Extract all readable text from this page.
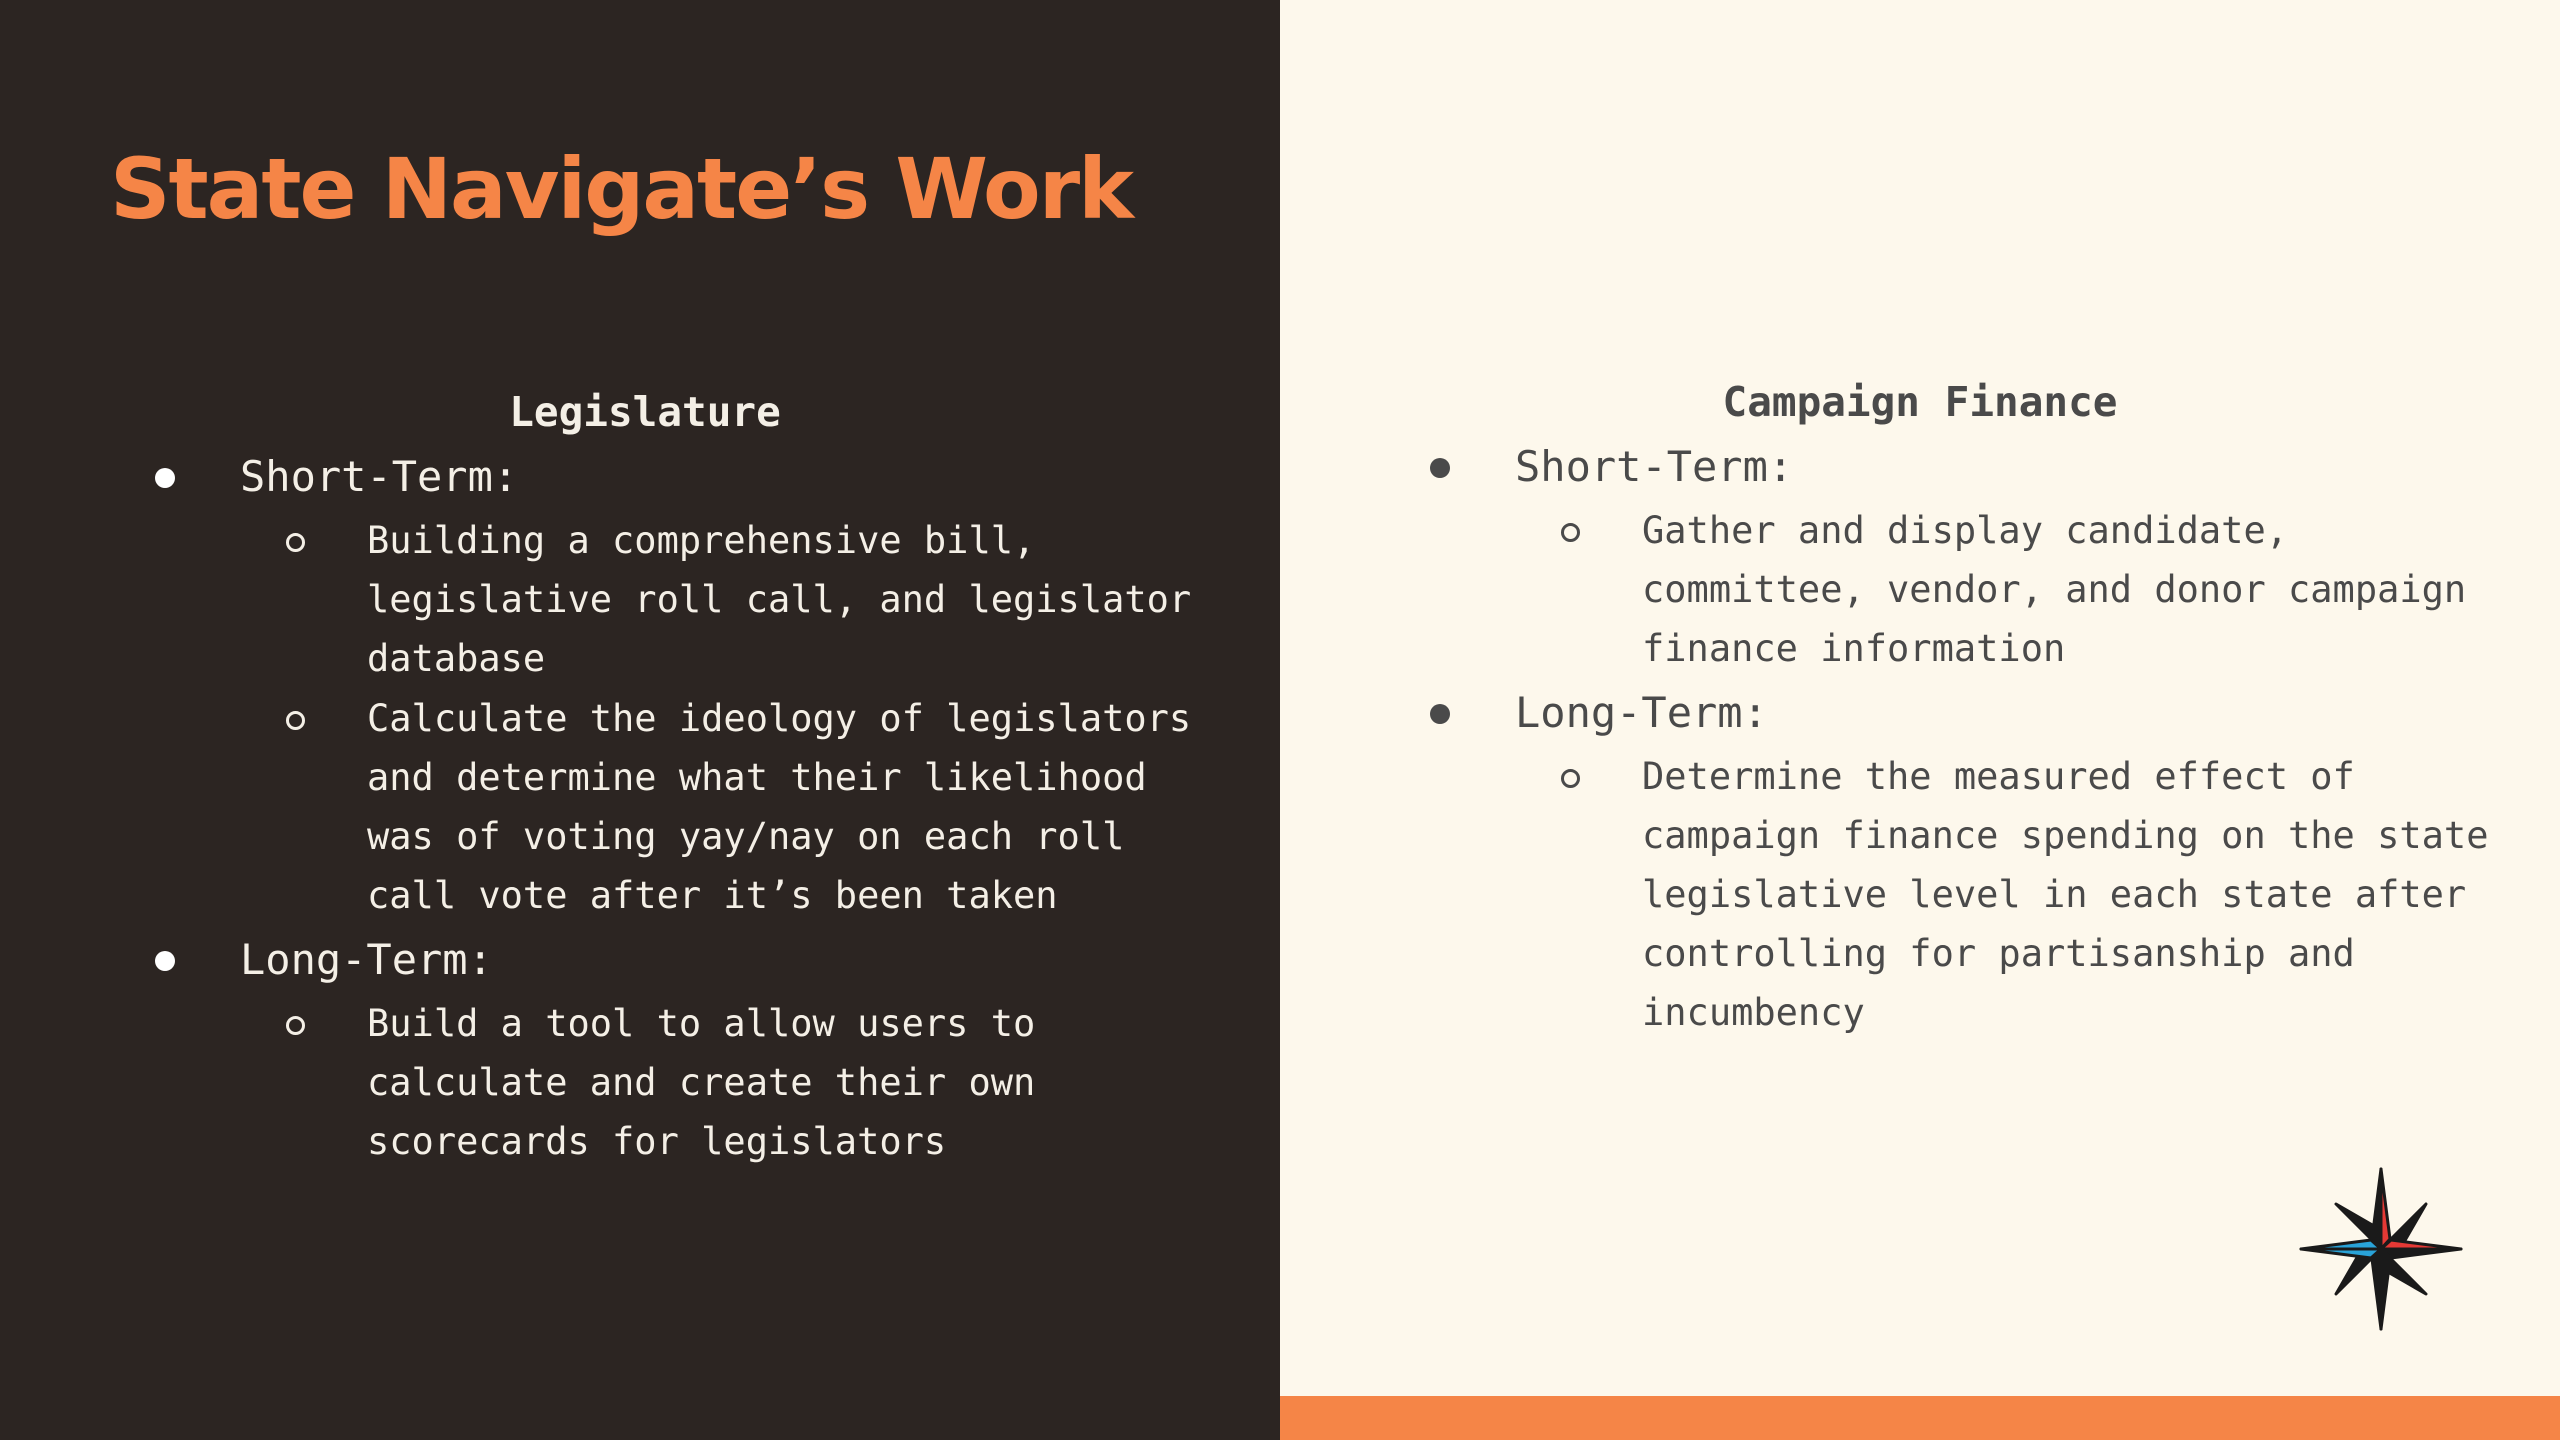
State Navigate’s Work
Legislature
Short-Term:
Building a comprehensive bill,
legislative roll call, and legislator
database
Calculate the ideology of legislators
and determine what their likelihood
was of voting yay/nay on each roll
call vote after it’s been taken
Long-Term:
Build a tool to allow users to
calculate and create their own
scorecards for legislators
Campaign Finance
Short-Term:
Gather and display candidate,
committee, vendor, and donor campaign
finance information
Long-Term:
Determine the measured effect of
campaign finance spending on the state
legislative level in each state after
controlling for partisanship and
incumbency
